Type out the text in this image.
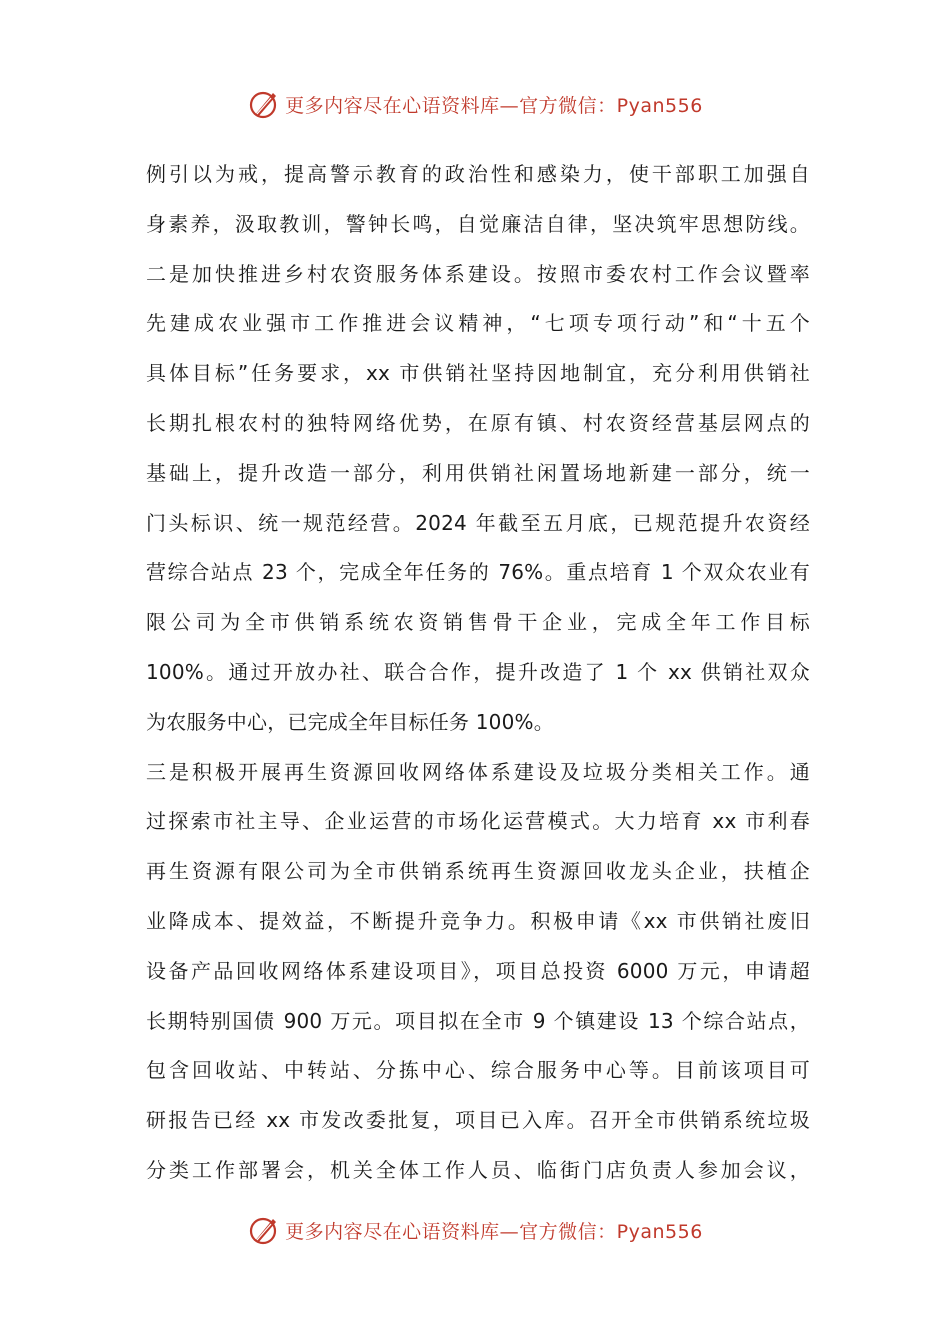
更多内容尽在心语资料库—官方微信：Pyan556
例引以为戒，提高警示教育的政治性和感染力，使干部职工加强自
身素养，汲取教训，警钟长鸣，自觉廉洁自律，坚决筑牢思想防线。
二是加快推进乡村农资服务体系建设。按照市委农村工作会议暨率
先建成农业强市工作推进会议精神，“七项专项行动”和“十五个
具体目标”任务要求，xx 市供销社坚持因地制宜，充分利用供销社
长期扎根农村的独特网络优势，在原有镇、村农资经营基层网点的
基础上，提升改造一部分，利用供销社闲置场地新建一部分，统一
门头标识、统一规范经营。2024 年截至五月底，已规范提升农资经
营综合站点 23 个，完成全年任务的 76%。重点培育 1 个双众农业有
限公司为全市供销系统农资销售骨干企业，完成全年工作目标
100%。通过开放办社、联合合作，提升改造了 1 个 xx 供销社双众
为农服务中心，已完成全年目标任务 100%。
三是积极开展再生资源回收网络体系建设及垃圾分类相关工作。通
过探索市社主导、企业运营的市场化运营模式。大力培育 xx 市利春
再生资源有限公司为全市供销系统再生资源回收龙头企业，扶植企
业降成本、提效益，不断提升竞争力。积极申请《xx 市供销社废旧
设备产品回收网络体系建设项目》，项目总投资 6000 万元，申请超
长期特别国债 900 万元。项目拟在全市 9 个镇建设 13 个综合站点，
包含回收站、中转站、分拣中心、综合服务中心等。目前该项目可
研报告已经 xx 市发改委批复，项目已入库。召开全市供销系统垃圾
分类工作部署会，机关全体工作人员、临街门店负责人参加会议，
更多内容尽在心语资料库—官方微信：Pyan556
